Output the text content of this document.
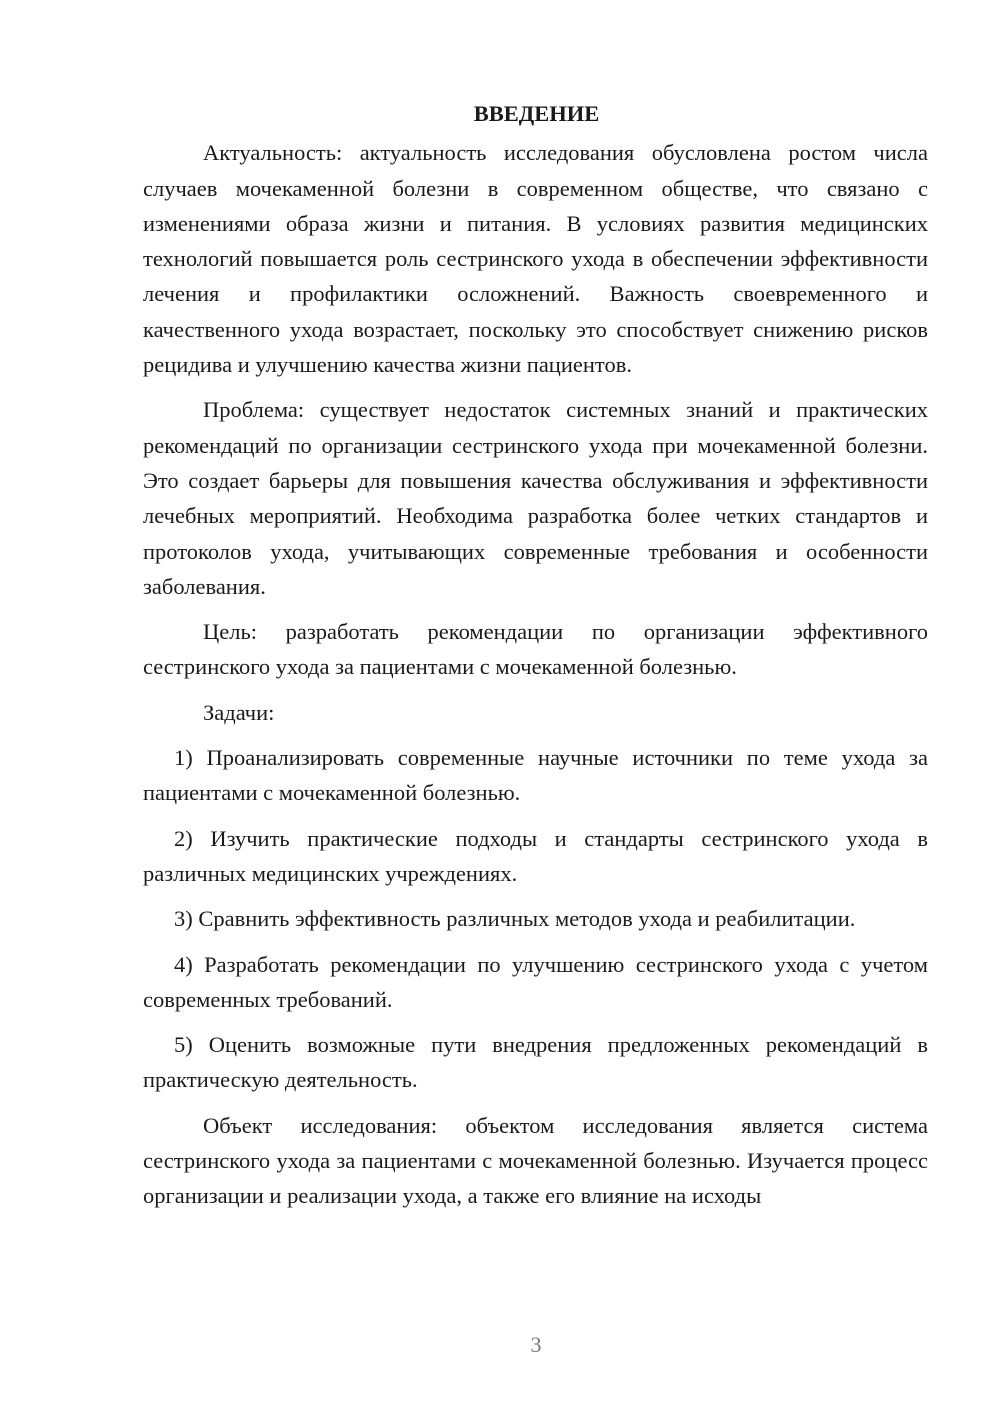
ВВЕДЕНИЕ

Актуальность: актуальность исследования обусловлена ростом числа случаев мочекаменной болезни в современном обществе, что связано с изменениями образа жизни и питания. В условиях развития медицинских технологий повышается роль сестринского ухода в обеспечении эффективности лечения и профилактики осложнений. Важность своевременного и качественного ухода возрастает, поскольку это способствует снижению рисков рецидива и улучшению качества жизни пациентов.

Проблема: существует недостаток системных знаний и практических рекомендаций по организации сестринского ухода при мочекаменной болезни. Это создает барьеры для повышения качества обслуживания и эффективности лечебных мероприятий. Необходима разработка более четких стандартов и протоколов ухода, учитывающих современные требования и особенности заболевания.

Цель: разработать рекомендации по организации эффективного сестринского ухода за пациентами с мочекаменной болезнью.

Задачи:

1) Проанализировать современные научные источники по теме ухода за пациентами с мочекаменной болезнью.

2) Изучить практические подходы и стандарты сестринского ухода в различных медицинских учреждениях.

3) Сравнить эффективность различных методов ухода и реабилитации.

4) Разработать рекомендации по улучшению сестринского ухода с учетом современных требований.

5) Оценить возможные пути внедрения предложенных рекомендаций в практическую деятельность.

Объект исследования: объектом исследования является система сестринского ухода за пациентами с мочекаменной болезнью. Изучается процесс организации и реализации ухода, а также его влияние на исходы

3
